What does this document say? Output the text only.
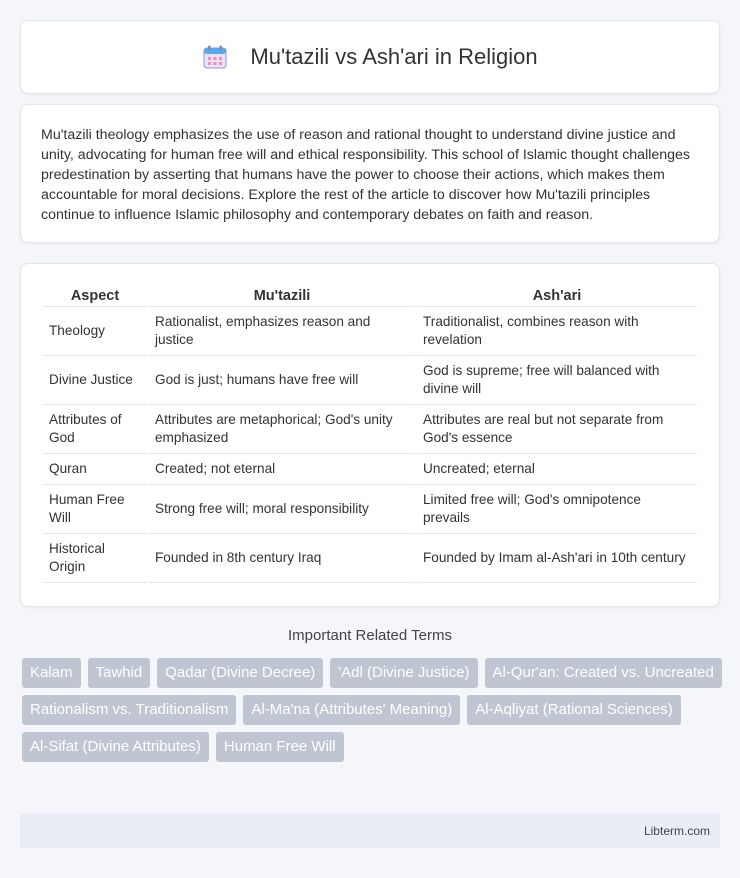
Mu'tazili vs Ash'ari in Religion

Mu'tazili theology emphasizes the use of reason and rational thought to understand divine justice and unity, advocating for human free will and ethical responsibility. This school of Islamic thought challenges predestination by asserting that humans have the power to choose their actions, which makes them accountable for moral decisions. Explore the rest of the article to discover how Mu'tazili principles continue to influence Islamic philosophy and contemporary debates on faith and reason.

Aspect	Mu'tazili	Ash'ari
Theology	Rationalist, emphasizes reason and justice	Traditionalist, combines reason with revelation
Divine Justice	God is just; humans have free will	God is supreme; free will balanced with divine will
Attributes of God	Attributes are metaphorical; God's unity emphasized	Attributes are real but not separate from God's essence
Quran	Created; not eternal	Uncreated; eternal
Human Free Will	Strong free will; moral responsibility	Limited free will; God's omnipotence prevails
Historical Origin	Founded in 8th century Iraq	Founded by Imam al-Ash'ari in 10th century
Important Related Terms
Kalam	Tawhid	Qadar (Divine Decree)	'Adl (Divine Justice)	Al-Qur'an: Created vs. Uncreated
Rationalism vs. Traditionalism	Al-Ma'na (Attributes' Meaning)	Al-Aqliyat (Rational Sciences)
Al-Sifat (Divine Attributes)	Human Free Will
Libterm.com
